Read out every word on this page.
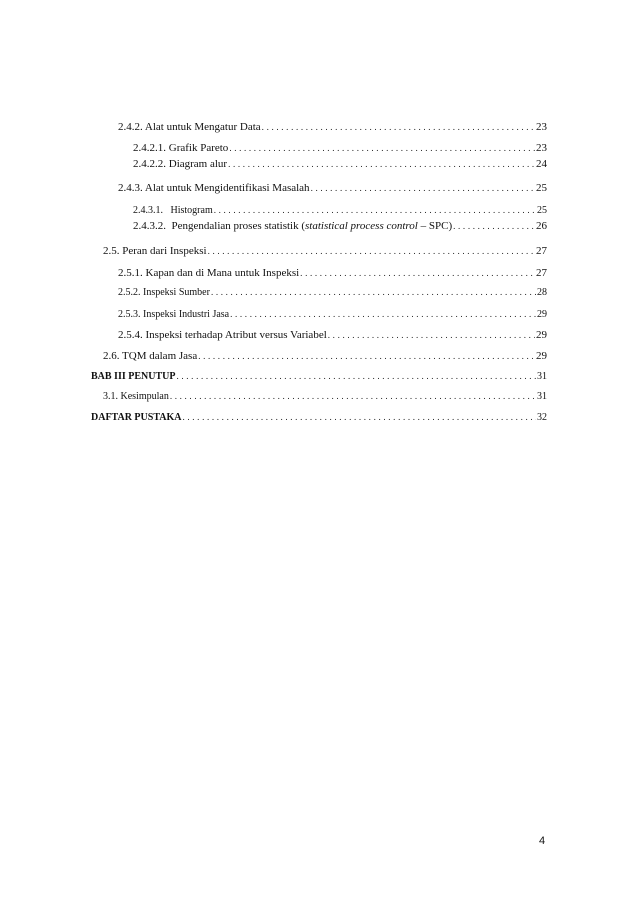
2.4.2. Alat untuk Mengatur Data . . .	23
2.4.2.1. Grafik Pareto . . .	23
2.4.2.2. Diagram alur . . .	24
2.4.3. Alat untuk Mengidentifikasi Masalah . . .	25
2.4.3.1.   Histogram . . .	25
2.4.3.2.  Pengendalian proses statistik (statistical process control – SPC) . . .	26
2.5. Peran dari Inspeksi . . .	27
2.5.1. Kapan dan di Mana untuk Inspeksi . . .	27
2.5.2. Inspeksi Sumber . . .	28
2.5.3. Inspeksi Industri Jasa . . .	29
2.5.4. Inspeksi terhadap Atribut versus Variabel . . .	29
2.6. TQM dalam Jasa . . .	29
BAB III PENUTUP . . .	31
3.1. Kesimpulan . . .	31
DAFTAR PUSTAKA . . .	32
4
